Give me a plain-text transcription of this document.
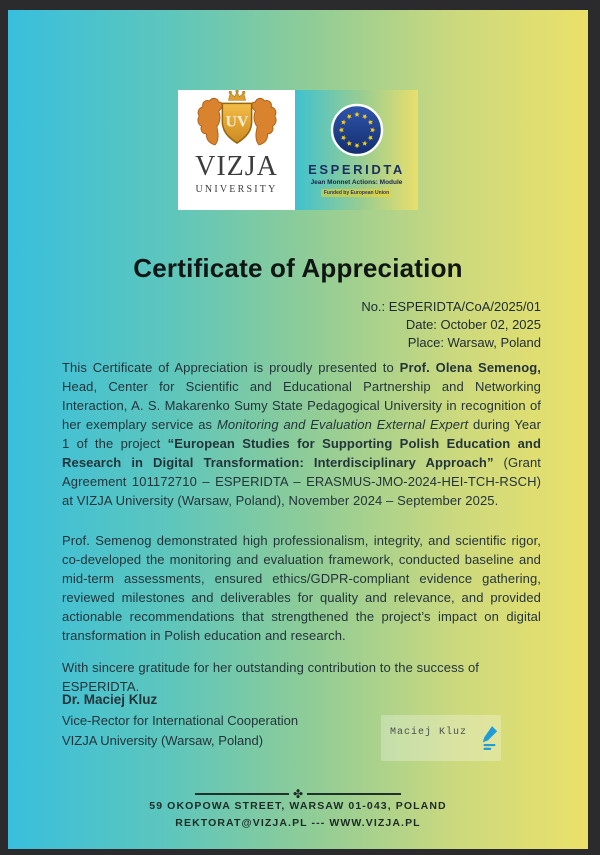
UV
VIZJA
UNIVERSITY
ESPERIDTA
Jean Monnet Actions: Module
Funded by European Union
Certificate of Appreciation
No.: ESPERIDTA/CoA/2025/01
Date: October 02, 2025
Place: Warsaw, Poland

This Certificate of Appreciation is proudly presented to Prof. Olena Semenog, Head, Center for Scientific and Educational Partnership and Networking Interaction, A. S. Makarenko Sumy State Pedagogical University in recognition of her exemplary service as Monitoring and Evaluation External Expert during Year 1 of the project “European Studies for Supporting Polish Education and Research in Digital Transformation: Interdisciplinary Approach” (Grant Agreement 101172710 – ESPERIDTA – ERASMUS-JMO-2024-HEI-TCH-RSCH) at VIZJA University (Warsaw, Poland), November 2024 – September 2025.

Prof. Semenog demonstrated high professionalism, integrity, and scientific rigor, co-developed the monitoring and evaluation framework, conducted baseline and mid-term assessments, ensured ethics/GDPR-compliant evidence gathering, reviewed milestones and deliverables for quality and relevance, and provided actionable recommendations that strengthened the project’s impact on digital transformation in Polish education and research.

With sincere gratitude for her outstanding contribution to the success of ESPERIDTA.

Dr. Maciej Kluz
Vice-Rector for International Cooperation
VIZJA University (Warsaw, Poland)
Maciej Kluz
✤
59 OKOPOWA STREET, WARSAW 01-043, POLAND
REKTORAT@VIZJA.PL --- WWW.VIZJA.PL
